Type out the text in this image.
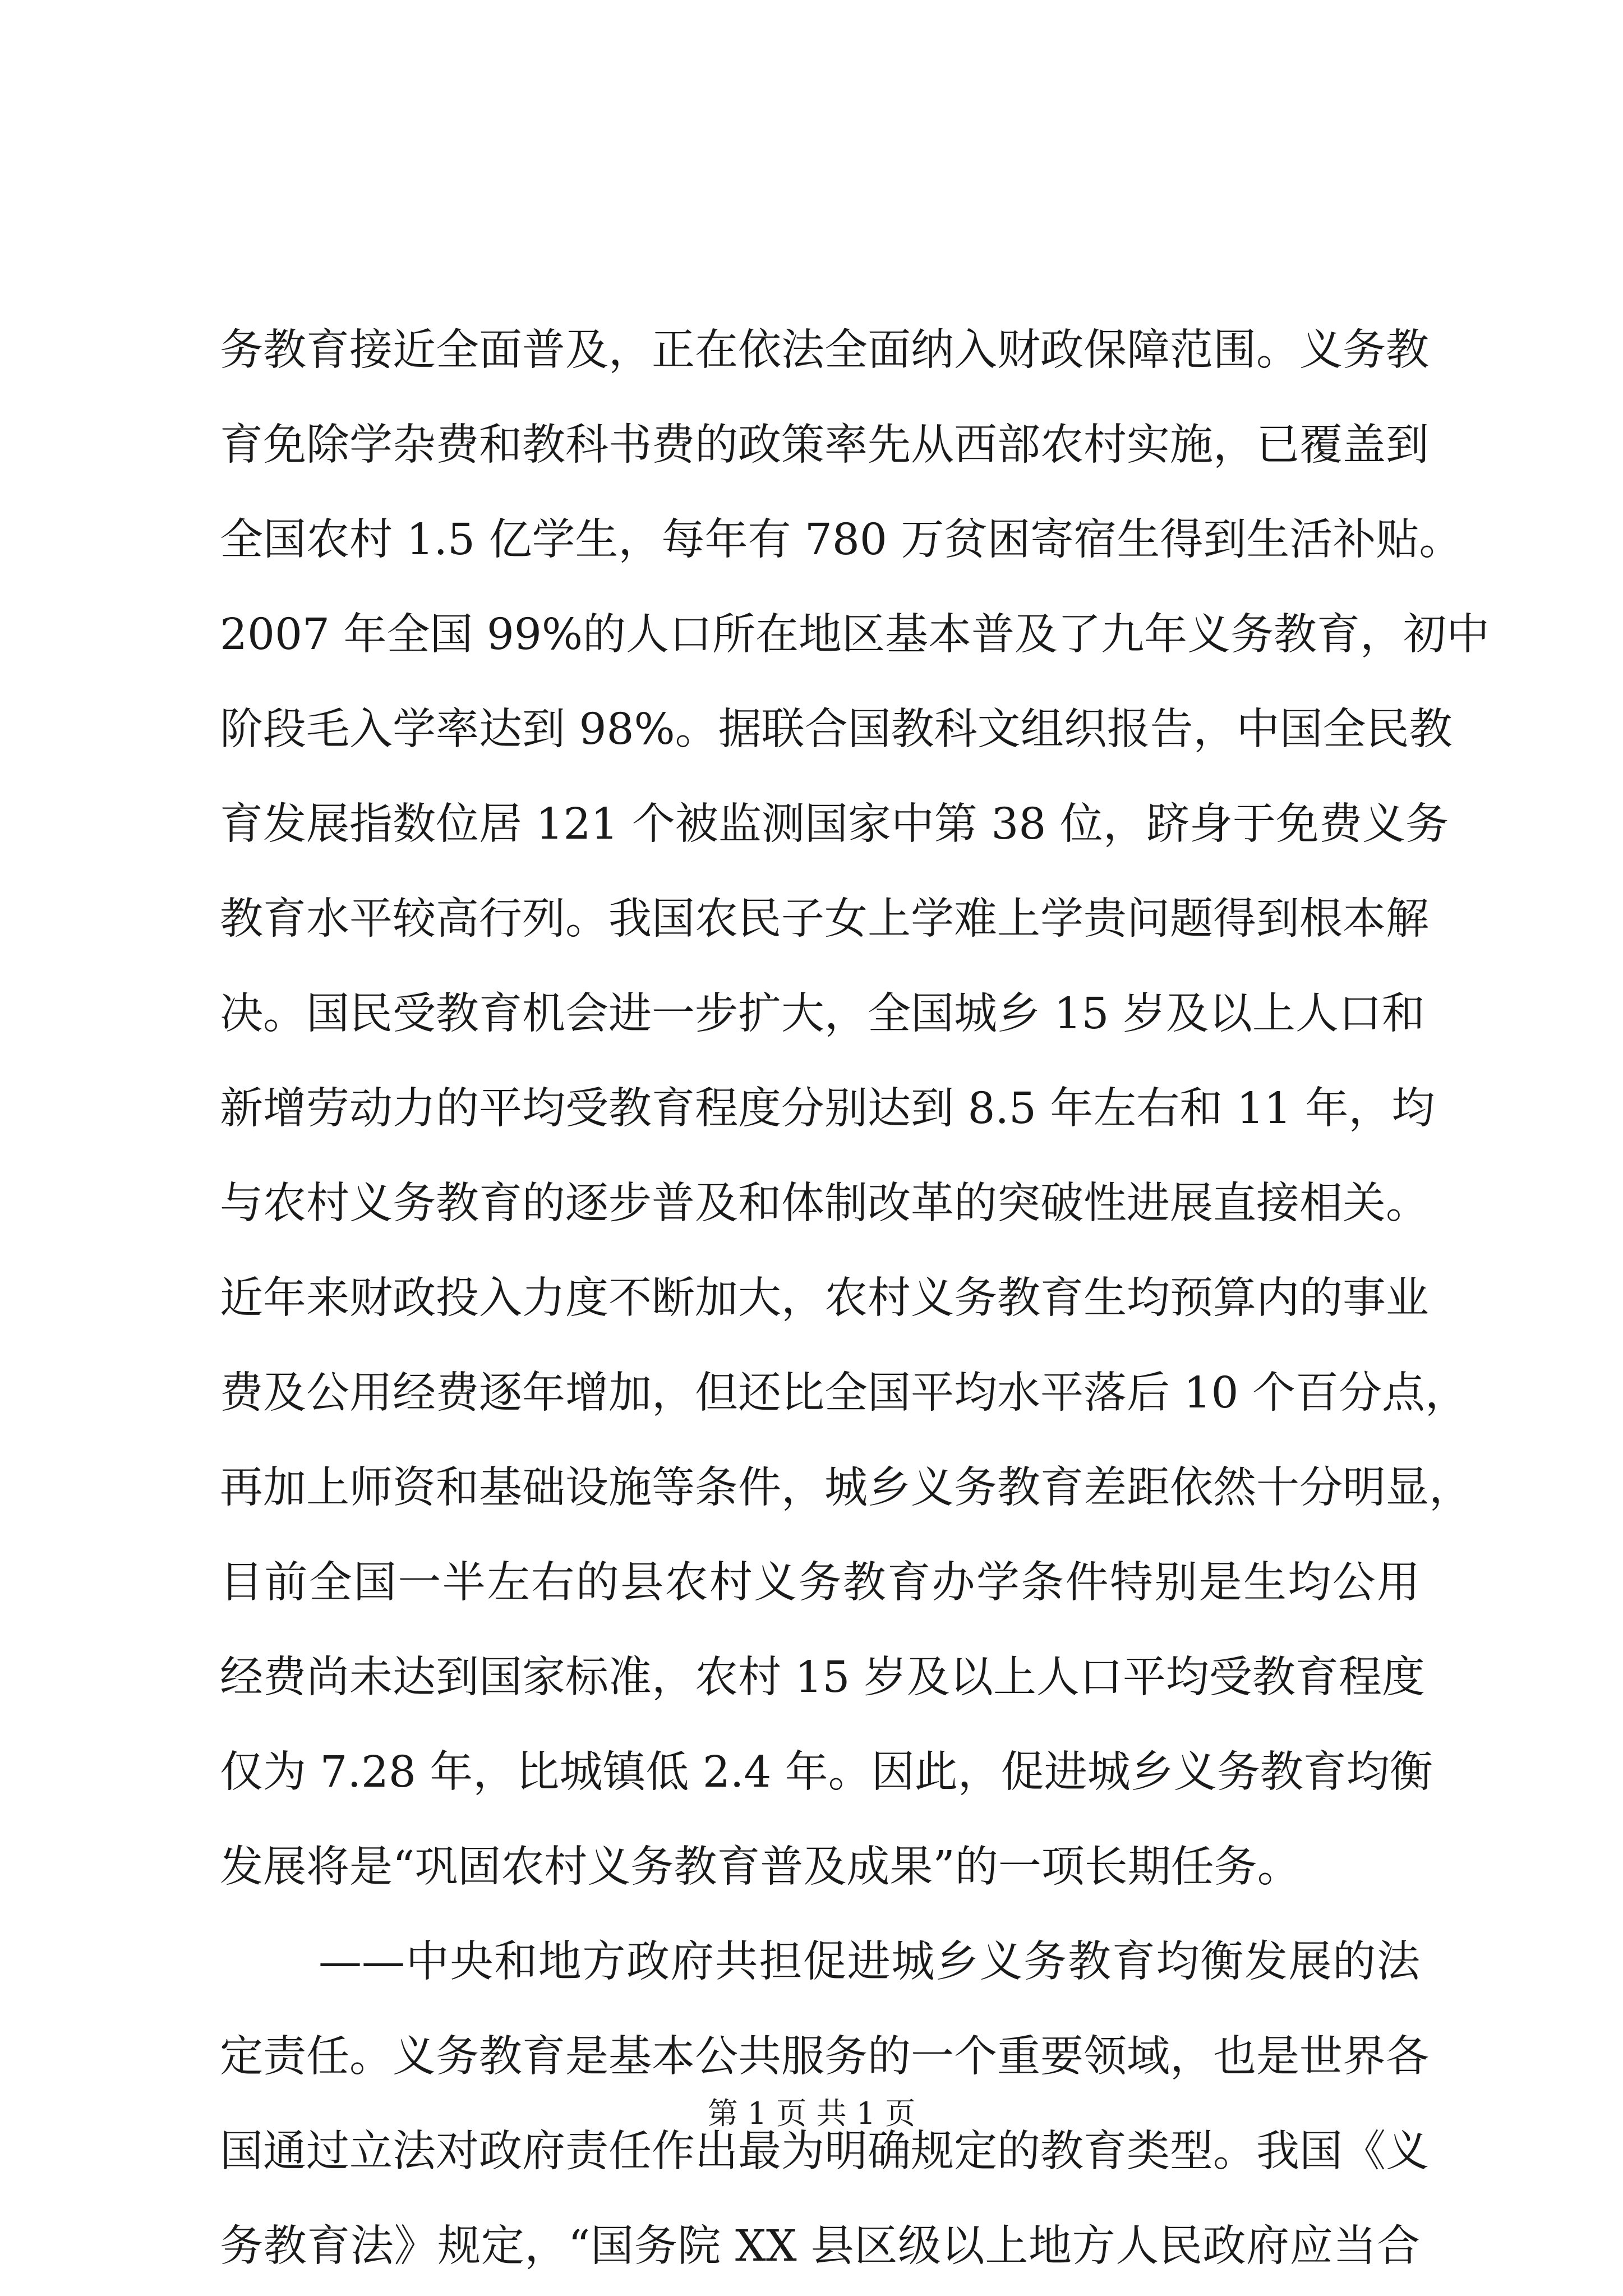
务教育接近全面普及，正在依法全面纳入财政保障范围。义务教
育免除学杂费和教科书费的政策率先从西部农村实施，已覆盖到
全国农村 1.5 亿学生，每年有 780 万贫困寄宿生得到生活补贴。
2007 年全国 99%的人口所在地区基本普及了九年义务教育，初中
阶段毛入学率达到 98%。据联合国教科文组织报告，中国全民教
育发展指数位居 121 个被监测国家中第 38 位，跻身于免费义务
教育水平较高行列。我国农民子女上学难上学贵问题得到根本解
决。国民受教育机会进一步扩大，全国城乡 15 岁及以上人口和
新增劳动力的平均受教育程度分别达到 8.5 年左右和 11 年，均
与农村义务教育的逐步普及和体制改革的突破性进展直接相关。
近年来财政投入力度不断加大，农村义务教育生均预算内的事业
费及公用经费逐年增加，但还比全国平均水平落后 10 个百分点，
再加上师资和基础设施等条件，城乡义务教育差距依然十分明显，
目前全国一半左右的县农村义务教育办学条件特别是生均公用
经费尚未达到国家标准，农村 15 岁及以上人口平均受教育程度
仅为 7.28 年，比城镇低 2.4 年。因此，促进城乡义务教育均衡
发展将是“巩固农村义务教育普及成果”的一项长期任务。
——中央和地方政府共担促进城乡义务教育均衡发展的法
定责任。义务教育是基本公共服务的一个重要领域，也是世界各
国通过立法对政府责任作出最为明确规定的教育类型。我国《义
务教育法》规定，“国务院 XX 县区级以上地方人民政府应当合
第 1 页 共 1 页
